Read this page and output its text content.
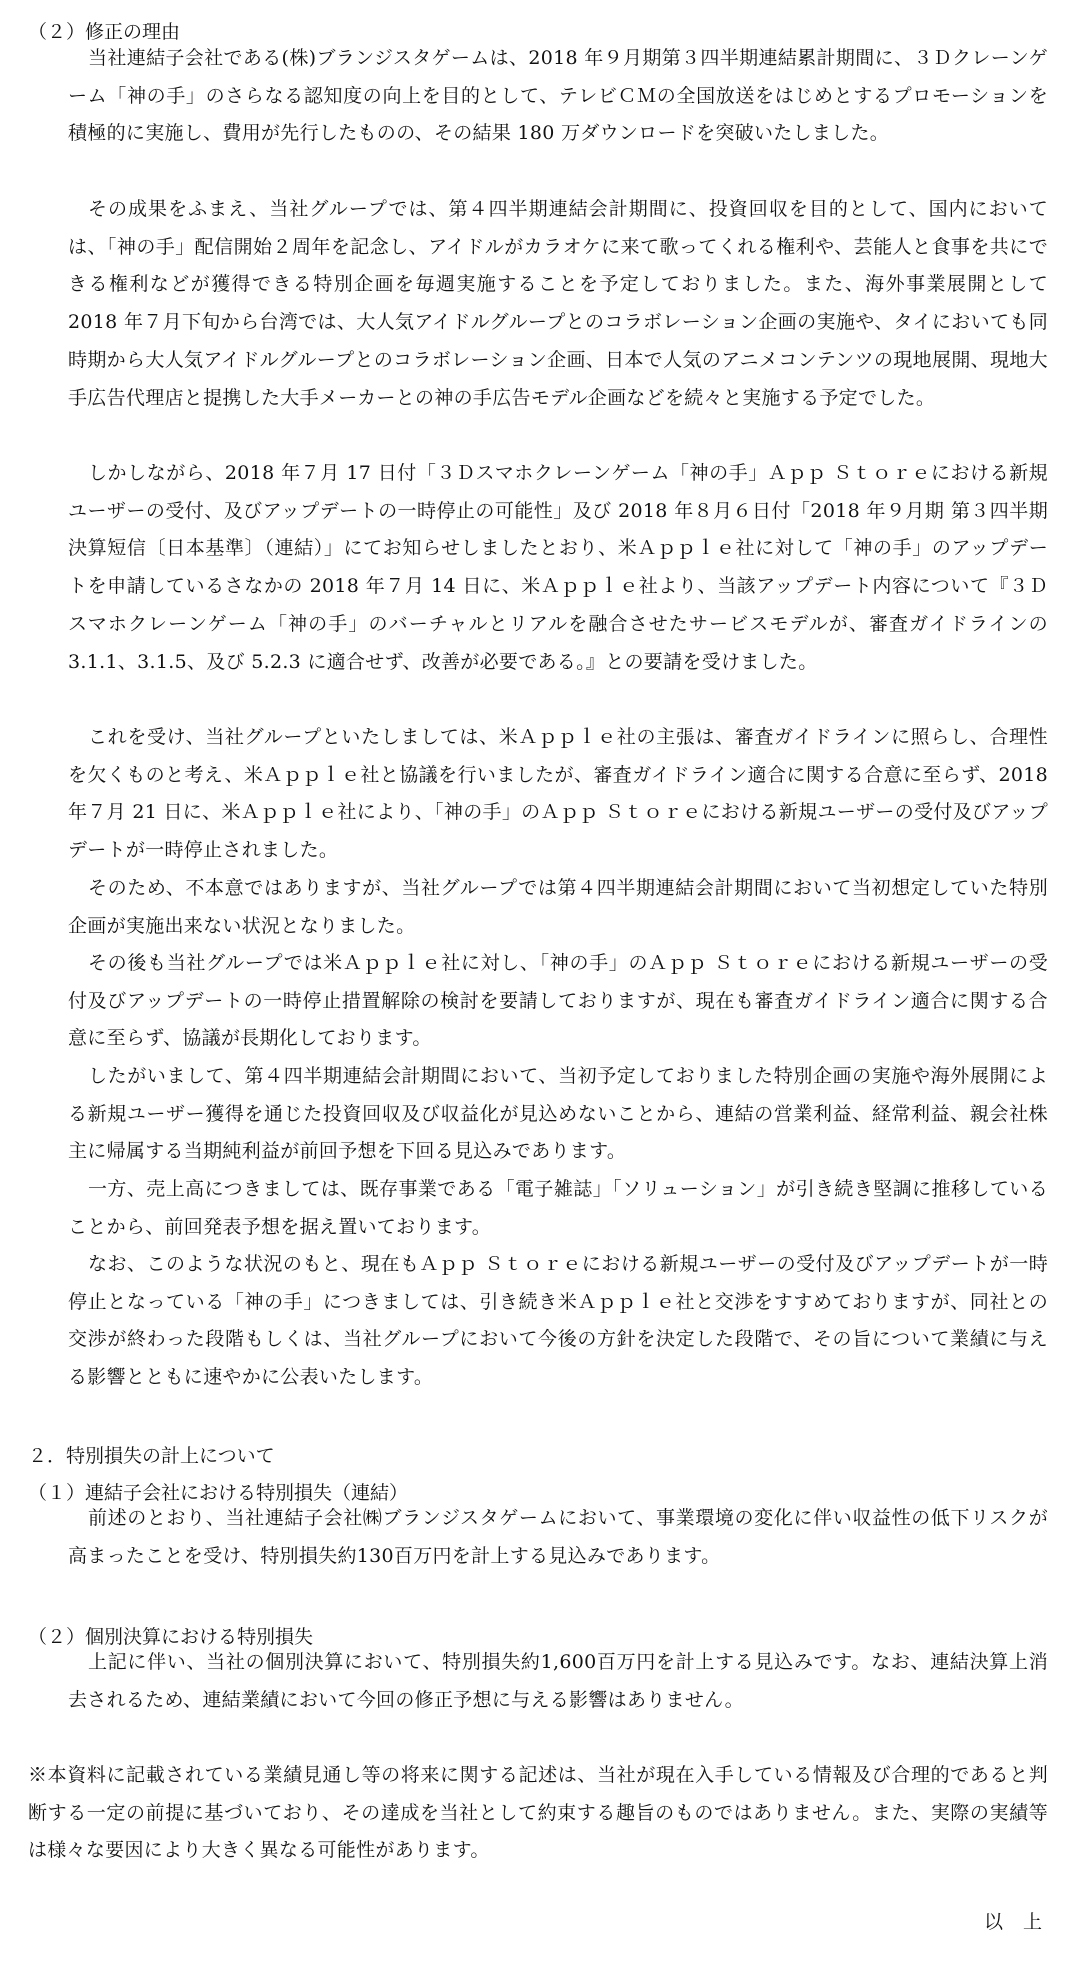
（２）修正の理由

当社連結子会社である(株)ブランジスタゲームは、2018 年９月期第３四半期連結累計期間に、３Ｄクレーンゲーム「神の手」のさらなる認知度の向上を目的として、テレビＣＭの全国放送をはじめとするプロモーションを積極的に実施し、費用が先行したものの、その結果 180 万ダウンロードを突破いたしました。

その成果をふまえ、当社グループでは、第４四半期連結会計期間に、投資回収を目的として、国内においては、「神の手」配信開始２周年を記念し、アイドルがカラオケに来て歌ってくれる権利や、芸能人と食事を共にできる権利などが獲得できる特別企画を毎週実施することを予定しておりました。また、海外事業展開として 2018 年７月下旬から台湾では、大人気アイドルグループとのコラボレーション企画の実施や、タイにおいても同時期から大人気アイドルグループとのコラボレーション企画、日本で人気のアニメコンテンツの現地展開、現地大手広告代理店と提携した大手メーカーとの神の手広告モデル企画などを続々と実施する予定でした。

しかしながら、2018 年７月 17 日付「３Ｄスマホクレーンゲーム「神の手」Ａｐｐ Ｓｔｏｒｅにおける新規ユーザーの受付、及びアップデートの一時停止の可能性」及び 2018 年８月６日付「2018 年９月期 第３四半期決算短信〔日本基準〕（連結）」にてお知らせしましたとおり、米Ａｐｐｌｅ社に対して「神の手」のアップデートを申請しているさなかの 2018 年７月 14 日に、米Ａｐｐｌｅ社より、当該アップデート内容について『３Ｄスマホクレーンゲーム「神の手」のバーチャルとリアルを融合させたサービスモデルが、審査ガイドラインの 3.1.1、3.1.5、及び 5.2.3 に適合せず、改善が必要である。』との要請を受けました。

これを受け、当社グループといたしましては、米Ａｐｐｌｅ社の主張は、審査ガイドラインに照らし、合理性を欠くものと考え、米Ａｐｐｌｅ社と協議を行いましたが、審査ガイドライン適合に関する合意に至らず、2018 年７月 21 日に、米Ａｐｐｌｅ社により、「神の手」のＡｐｐ Ｓｔｏｒｅにおける新規ユーザーの受付及びアップデートが一時停止されました。

そのため、不本意ではありますが、当社グループでは第４四半期連結会計期間において当初想定していた特別企画が実施出来ない状況となりました。

その後も当社グループでは米Ａｐｐｌｅ社に対し、「神の手」のＡｐｐ Ｓｔｏｒｅにおける新規ユーザーの受付及びアップデートの一時停止措置解除の検討を要請しておりますが、現在も審査ガイドライン適合に関する合意に至らず、協議が長期化しております。

したがいまして、第４四半期連結会計期間において、当初予定しておりました特別企画の実施や海外展開による新規ユーザー獲得を通じた投資回収及び収益化が見込めないことから、連結の営業利益、経常利益、親会社株主に帰属する当期純利益が前回予想を下回る見込みであります。

一方、売上高につきましては、既存事業である「電子雑誌」「ソリューション」が引き続き堅調に推移していることから、前回発表予想を据え置いております。

なお、このような状況のもと、現在もＡｐｐ Ｓｔｏｒｅにおける新規ユーザーの受付及びアップデートが一時停止となっている「神の手」につきましては、引き続き米Ａｐｐｌｅ社と交渉をすすめておりますが、同社との交渉が終わった段階もしくは、当社グループにおいて今後の方針を決定した段階で、その旨について業績に与える影響とともに速やかに公表いたします。

２．特別損失の計上について
（１）連結子会社における特別損失（連結）

前述のとおり、当社連結子会社㈱ブランジスタゲームにおいて、事業環境の変化に伴い収益性の低下リスクが高まったことを受け、特別損失約130百万円を計上する見込みであります。

（２）個別決算における特別損失

上記に伴い、当社の個別決算において、特別損失約1,600百万円を計上する見込みです。なお、連結決算上消去されるため、連結業績において今回の修正予想に与える影響はありません。

※本資料に記載されている業績見通し等の将来に関する記述は、当社が現在入手している情報及び合理的であると判断する一定の前提に基づいており、その達成を当社として約束する趣旨のものではありません。また、実際の実績等は様々な要因により大きく異なる可能性があります。

以 上
